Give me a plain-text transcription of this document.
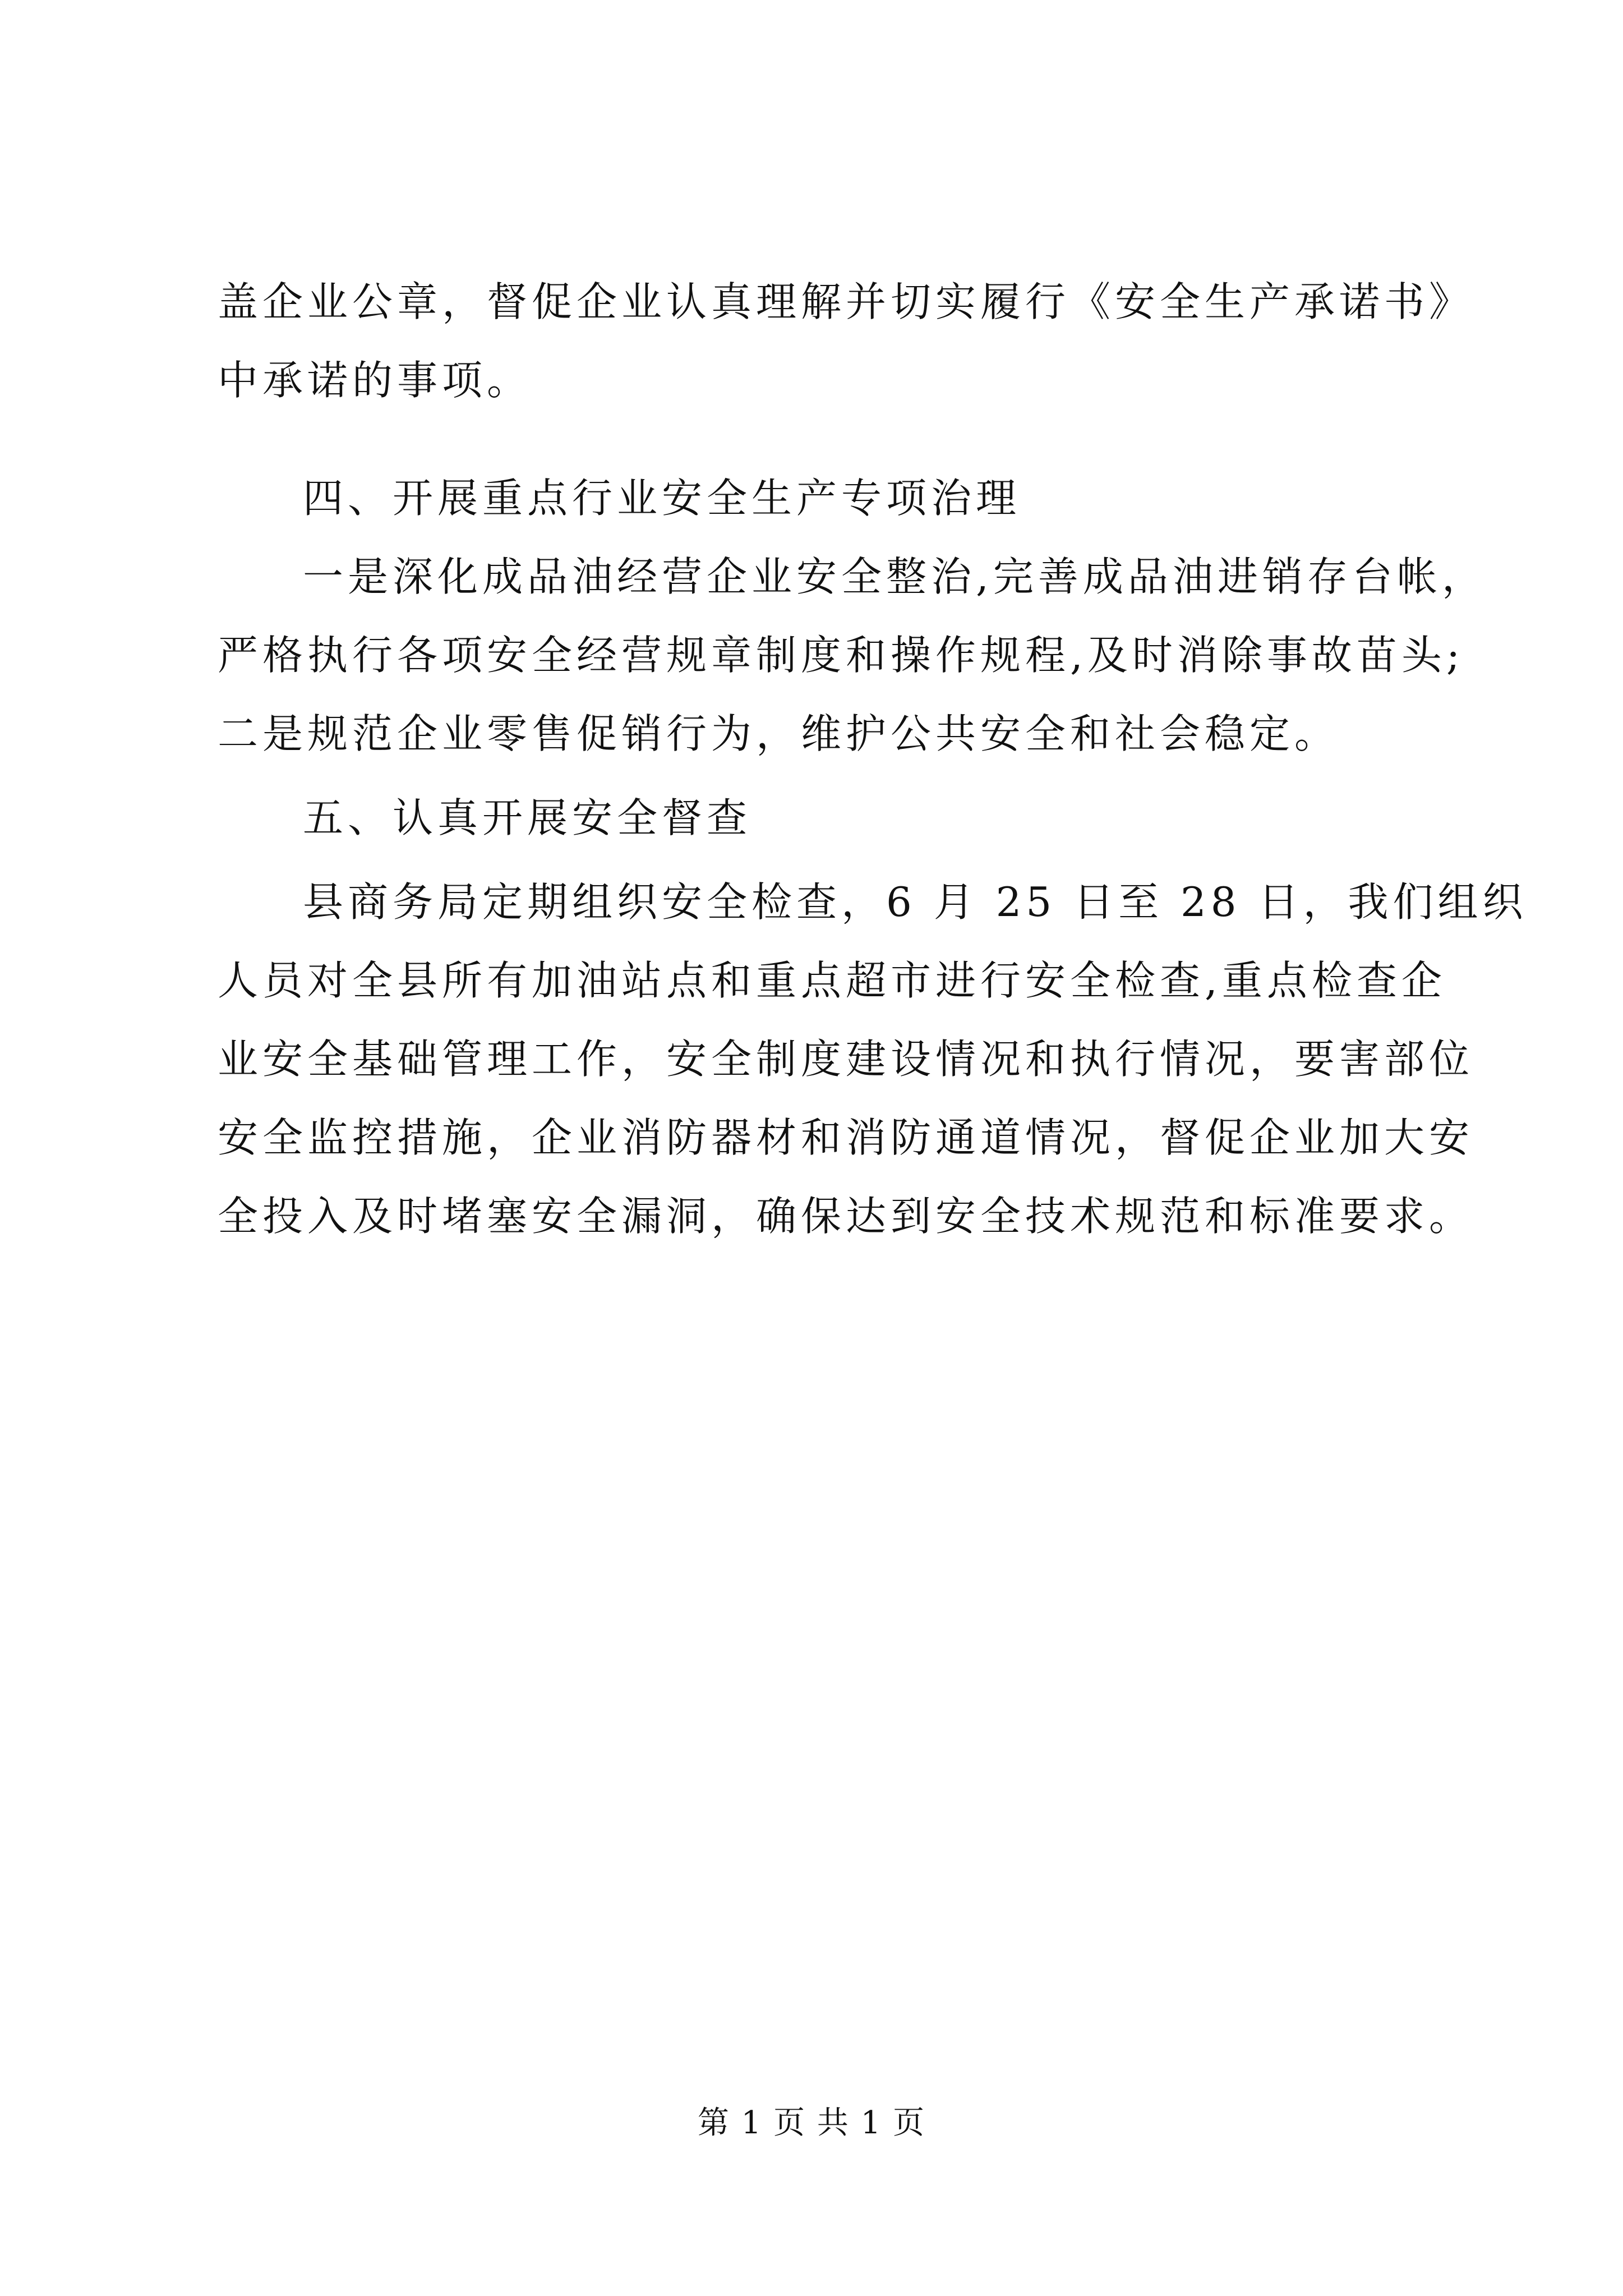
盖企业公章，督促企业认真理解并切实履行《安全生产承诺书》

中承诺的事项。

四、开展重点行业安全生产专项治理

一是深化成品油经营企业安全整治,完善成品油进销存台帐，

严格执行各项安全经营规章制度和操作规程,及时消除事故苗头;

二是规范企业零售促销行为，维护公共安全和社会稳定。

五、认真开展安全督查

县商务局定期组织安全检查，6 月 25 日至 28 日，我们组织

人员对全县所有加油站点和重点超市进行安全检查,重点检查企

业安全基础管理工作，安全制度建设情况和执行情况，要害部位

安全监控措施，企业消防器材和消防通道情况，督促企业加大安

全投入及时堵塞安全漏洞，确保达到安全技术规范和标准要求。

第 1 页 共 1 页
